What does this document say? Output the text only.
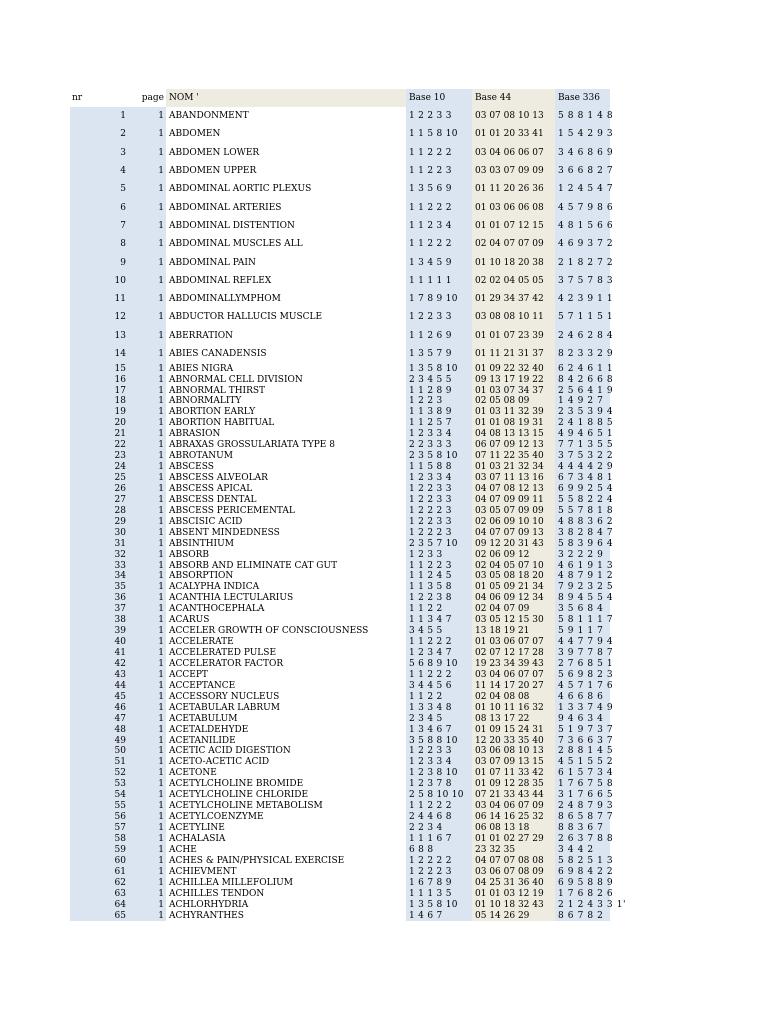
nr	page	NOM '	Base 10	Base 44	Base 336
1	1	ABANDONMENT	1 2 2 3 3	03 07 08 10 13	5 8 8 1 4 8
2	1	ABDOMEN	1 1 5 8 10	01 01 20 33 41	1 5 4 2 9 3
3	1	ABDOMEN LOWER	1 1 2 2 2	03 04 06 06 07	3 4 6 8 6 9
4	1	ABDOMEN UPPER	1 1 2 2 3	03 03 07 09 09	3 6 6 8 2 7
5	1	ABDOMINAL AORTIC PLEXUS	1 3 5 6 9	01 11 20 26 36	1 2 4 5 4 7
6	1	ABDOMINAL ARTERIES	1 1 2 2 2	01 03 06 06 08	4 5 7 9 8 6
7	1	ABDOMINAL DISTENTION	1 1 2 3 4	01 01 07 12 15	4 8 1 5 6 6
8	1	ABDOMINAL MUSCLES ALL	1 1 2 2 2	02 04 07 07 09	4 6 9 3 7 2
9	1	ABDOMINAL PAIN	1 3 4 5 9	01 10 18 20 38	2 1 8 2 7 2
10	1	ABDOMINAL REFLEX	1 1 1 1 1	02 02 04 05 05	3 7 5 7 8 3
11	1	ABDOMINALLYMPHOM	1 7 8 9 10	01 29 34 37 42	4 2 3 9 1 1
12	1	ABDUCTOR HALLUCIS MUSCLE	1 2 2 3 3	03 08 08 10 11	5 7 1 1 5 1
13	1	ABERRATION	1 1 2 6 9	01 01 07 23 39	2 4 6 2 8 4
14	1	ABIES CANADENSIS	1 3 5 7 9	01 11 21 31 37	8 2 3 3 2 9
15	1	ABIES NIGRA	1 3 5 8 10	01 09 22 32 40	6 2 4 6 1 1
16	1	ABNORMAL CELL DIVISION	2 3 4 5 5	09 13 17 19 22	8 4 2 6 6 8
17	1	ABNORMAL THIRST	1 1 2 8 9	01 03 07 34 37	2 5 6 4 1 9
18	1	ABNORMALITY	1 2 2 3	02 05 08 09	1 4 9 2 7
19	1	ABORTION EARLY	1 1 3 8 9	01 03 11 32 39	2 3 5 3 9 4
20	1	ABORTION HABITUAL	1 1 2 5 7	01 01 08 19 31	2 4 1 8 8 5
21	1	ABRASION	1 2 3 3 4	04 08 13 13 15	4 9 4 6 5 1
22	1	ABRAXAS GROSSULARIATA TYPE 8	2 2 3 3 3	06 07 09 12 13	7 7 1 3 5 5
23	1	ABROTANUM	2 3 5 8 10	07 11 22 35 40	3 7 5 3 2 2
24	1	ABSCESS	1 1 5 8 8	01 03 21 32 34	4 4 4 4 2 9
25	1	ABSCESS ALVEOLAR	1 2 3 3 4	03 07 11 13 16	6 7 3 4 8 1
26	1	ABSCESS APICAL	1 2 2 3 3	04 07 08 12 13	6 9 9 2 5 4
27	1	ABSCESS DENTAL	1 2 2 3 3	04 07 09 09 11	5 5 8 2 2 4
28	1	ABSCESS PERICEMENTAL	1 2 2 2 3	03 05 07 09 09	5 5 7 8 1 8
29	1	ABSCISIC ACID	1 2 2 3 3	02 06 09 10 10	4 8 8 3 6 2
30	1	ABSENT MINDEDNESS	1 2 2 2 3	04 07 07 09 13	3 8 2 8 4 7
31	1	ABSINTHIUM	2 3 5 7 10	09 12 20 31 43	5 8 3 9 6 4
32	1	ABSORB	1 2 3 3	02 06 09 12	3 2 2 2 9
33	1	ABSORB AND ELIMINATE CAT GUT	1 1 2 2 3	02 04 05 07 10	4 6 1 9 1 3
34	1	ABSORPTION	1 1 2 4 5	03 05 08 18 20	4 8 7 9 1 2
35	1	ACALYPHA INDICA	1 1 3 5 8	01 05 09 21 34	7 9 2 3 2 5
36	1	ACANTHIA LECTULARIUS	1 2 2 3 8	04 06 09 12 34	8 9 4 5 5 4
37	1	ACANTHOCEPHALA	1 1 2 2	02 04 07 09	3 5 6 8 4
38	1	ACARUS	1 1 3 4 7	03 05 12 15 30	5 8 1 1 1 7
39	1	ACCELER GROWTH OF CONSCIOUSNESS	3 4 5 5	13 18 19 21	5 9 1 1 7
40	1	ACCELERATE	1 1 2 2 2	01 03 06 07 07	4 4 7 7 9 4
41	1	ACCELERATED PULSE	1 2 3 4 7	02 07 12 17 28	3 9 7 7 8 7
42	1	ACCELERATOR FACTOR	5 6 8 9 10	19 23 34 39 43	2 7 6 8 5 1
43	1	ACCEPT	1 1 2 2 2	03 04 06 07 07	5 6 9 8 2 3
44	1	ACCEPTANCE	3 4 4 5 6	11 14 17 20 27	4 5 7 1 7 6
45	1	ACCESSORY NUCLEUS	1 1 2 2	02 04 08 08	4 6 6 8 6
46	1	ACETABULAR LABRUM	1 3 3 4 8	01 10 11 16 32	1 3 3 7 4 9
47	1	ACETABULUM	2 3 4 5	08 13 17 22	9 4 6 3 4
48	1	ACETALDEHYDE	1 3 4 6 7	01 09 15 24 31	5 1 9 7 3 7
49	1	ACETANILIDE	3 5 8 8 10	12 20 33 35 40	7 3 6 6 3 7
50	1	ACETIC ACID DIGESTION	1 2 2 3 3	03 06 08 10 13	2 8 8 1 4 5
51	1	ACETO-ACETIC ACID	1 2 3 3 4	03 07 09 13 15	4 5 1 5 5 2
52	1	ACETONE	1 2 3 8 10	01 07 11 33 42	6 1 5 7 3 4
53	1	ACETYLCHOLINE BROMIDE	1 2 3 7 8	01 09 12 28 35	1 7 6 7 5 8
54	1	ACETYLCHOLINE CHLORIDE	2 5 8 10 10	07 21 33 43 44	3 1 7 6 6 5
55	1	ACETYLCHOLINE METABOLISM	1 1 2 2 2	03 04 06 07 09	2 4 8 7 9 3
56	1	ACETYLCOENZYME	2 4 4 6 8	06 14 16 25 32	8 6 5 8 7 7
57	1	ACETYLINE	2 2 3 4	06 08 13 18	8 8 3 6 7
58	1	ACHALASIA	1 1 1 6 7	01 01 02 27 29	2 6 3 7 8 8
59	1	ACHE	6 8 8	23 32 35	3 4 4 2
60	1	ACHES & PAIN/PHYSICAL EXERCISE	1 2 2 2 2	04 07 07 08 08	5 8 2 5 1 3
61	1	ACHIEVMENT	1 2 2 2 3	03 06 07 08 09	6 9 8 4 2 2
62	1	ACHILLEA MILLEFOLIUM	1 6 7 8 9	04 25 31 36 40	6 9 5 8 8 9
63	1	ACHILLES TENDON	1 1 1 3 5	01 01 03 12 19	1 7 6 8 2 6
64	1	ACHLORHYDRIA	1 3 5 8 10	01 10 18 32 43	2 1 2 4 3 3 1'
65	1	ACHYRANTHES	1 4 6 7	05 14 26 29	8 6 7 8 2
